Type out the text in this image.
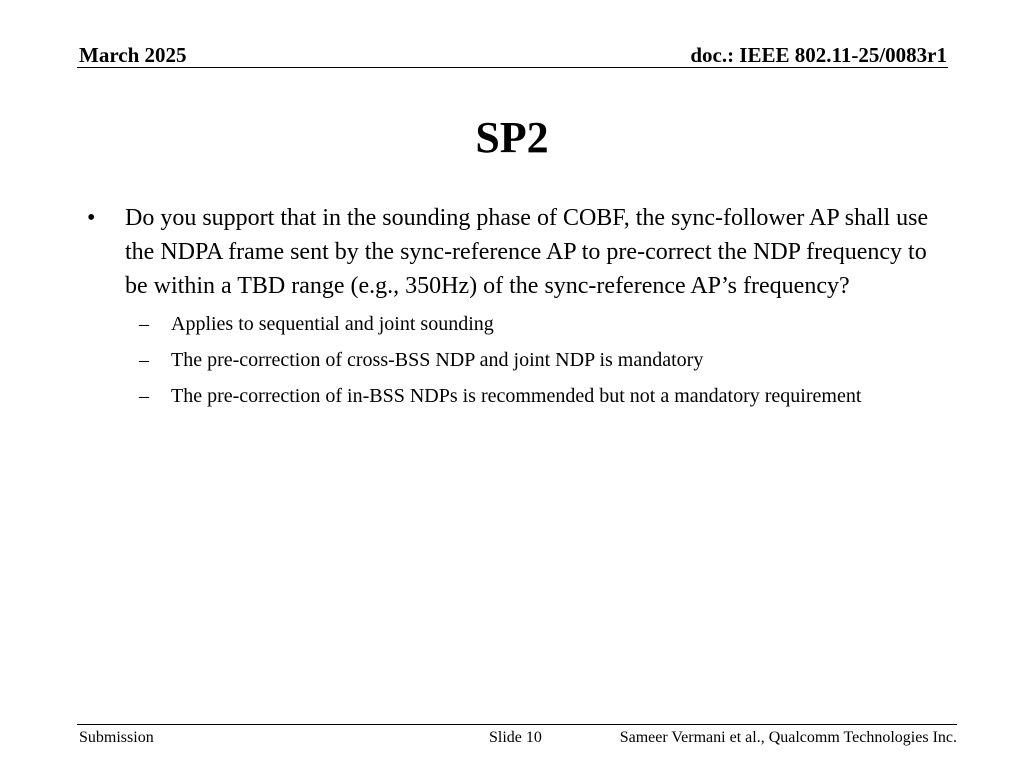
March 2025	doc.: IEEE 802.11-25/0083r1
SP2
• Do you support that in the sounding phase of COBF, the sync-follower AP shall use the NDPA frame sent by the sync-reference AP to pre-correct the NDP frequency to be within a TBD range (e.g., 350Hz) of the sync-reference AP’s frequency?
– Applies to sequential and joint sounding
– The pre-correction of cross-BSS NDP and joint NDP is mandatory
– The pre-correction of in-BSS NDPs is recommended but not a mandatory requirement
Submission	Slide 10	Sameer Vermani et al., Qualcomm Technologies Inc.
